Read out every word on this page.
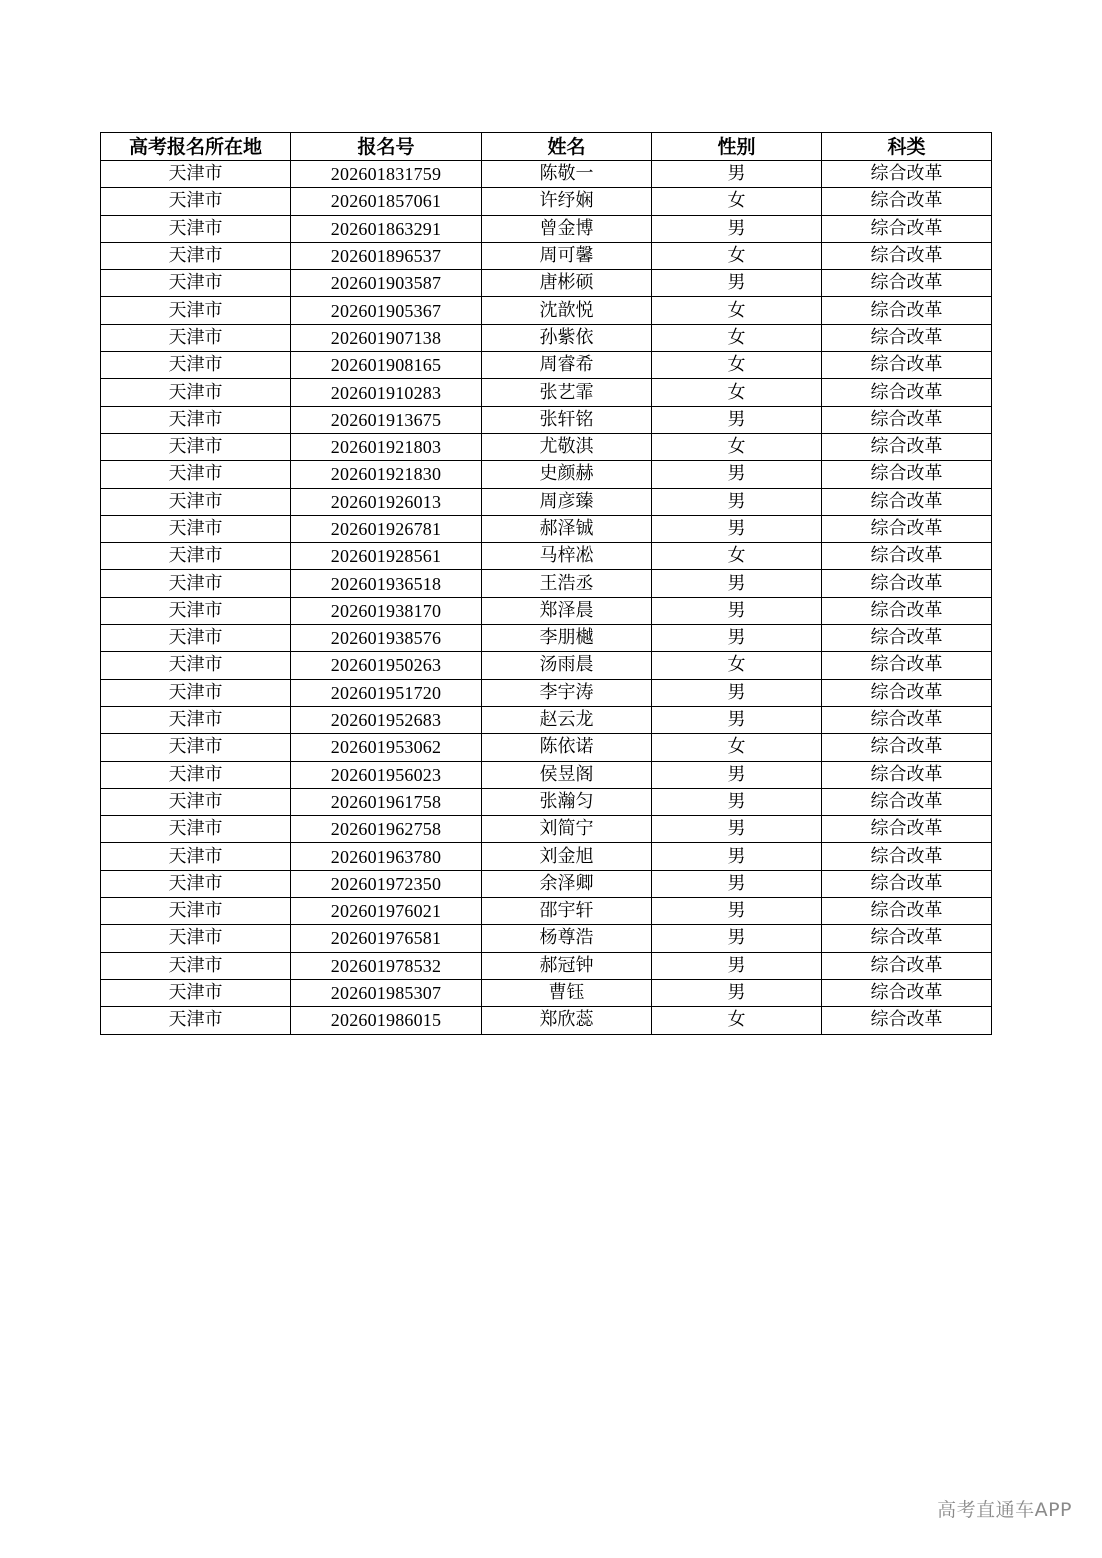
高考报名所在地	报名号	姓名	性别	科类
天津市	202601831759	陈敬一	男	综合改革
天津市	202601857061	许纾娴	女	综合改革
天津市	202601863291	曾金博	男	综合改革
天津市	202601896537	周可馨	女	综合改革
天津市	202601903587	唐彬硕	男	综合改革
天津市	202601905367	沈歆悦	女	综合改革
天津市	202601907138	孙紫依	女	综合改革
天津市	202601908165	周睿希	女	综合改革
天津市	202601910283	张艺霏	女	综合改革
天津市	202601913675	张轩铭	男	综合改革
天津市	202601921803	尤敬淇	女	综合改革
天津市	202601921830	史颜赫	男	综合改革
天津市	202601926013	周彦臻	男	综合改革
天津市	202601926781	郝泽铖	男	综合改革
天津市	202601928561	马梓凇	女	综合改革
天津市	202601936518	王浩丞	男	综合改革
天津市	202601938170	郑泽晨	男	综合改革
天津市	202601938576	李朋樾	男	综合改革
天津市	202601950263	汤雨晨	女	综合改革
天津市	202601951720	李宇涛	男	综合改革
天津市	202601952683	赵云龙	男	综合改革
天津市	202601953062	陈依诺	女	综合改革
天津市	202601956023	侯昱阁	男	综合改革
天津市	202601961758	张瀚匀	男	综合改革
天津市	202601962758	刘简宁	男	综合改革
天津市	202601963780	刘金旭	男	综合改革
天津市	202601972350	余泽卿	男	综合改革
天津市	202601976021	邵宇轩	男	综合改革
天津市	202601976581	杨尊浩	男	综合改革
天津市	202601978532	郝冠钟	男	综合改革
天津市	202601985307	曹钰	男	综合改革
天津市	202601986015	郑欣蕊	女	综合改革
高考直通车APP
